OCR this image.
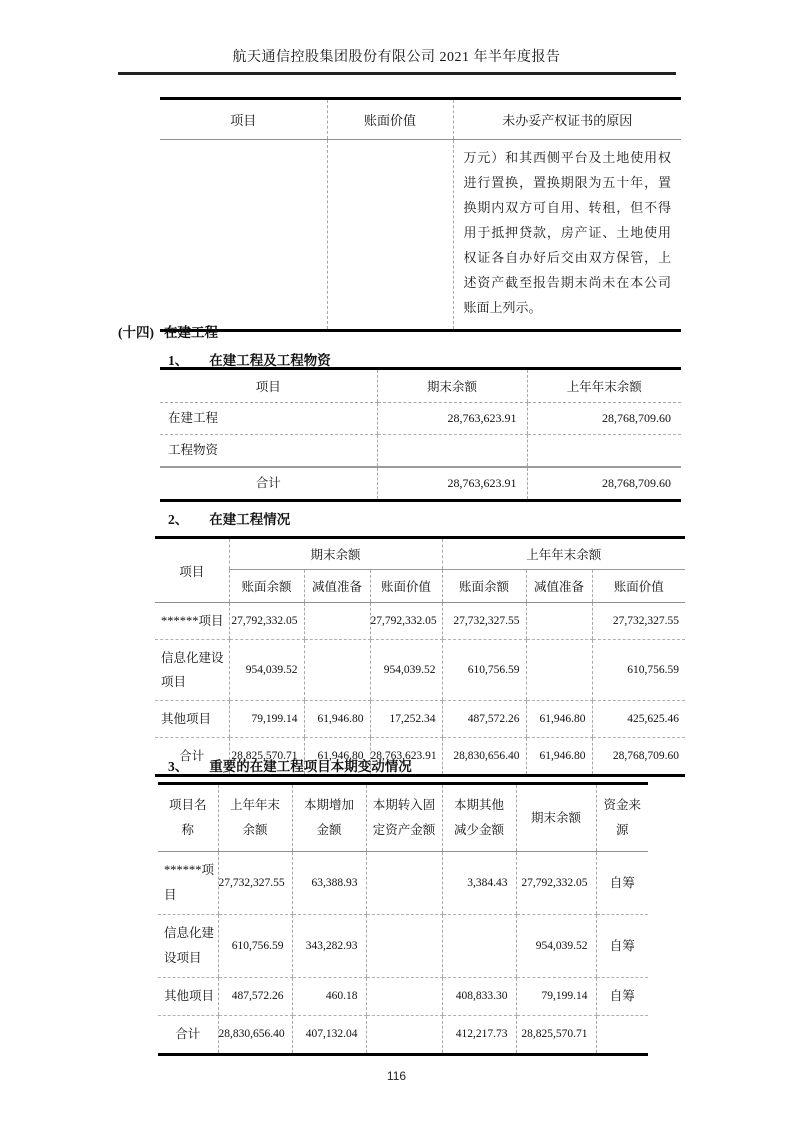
航天通信控股集团股份有限公司 2021 年半年度报告
项目	账面价值	未办妥产权证书的原因
		万元）和其西侧平台及土地使用权进行置换，置换期限为五十年，置换期内双方可自用、转租，但不得用于抵押贷款，房产证、土地使用权证各自办好后交由双方保管，上述资产截至报告期末尚未在本公司账面上列示。
(十四) 在建工程
1、 在建工程及工程物资
项目	期末余额	上年年末余额
在建工程	28,763,623.91	28,768,709.60
工程物资		
合计	28,763,623.91	28,768,709.60
2、 在建工程情况
项目	期末余额			上年年末余额		
	账面余额	减值准备	账面价值	账面余额	减值准备	账面价值
******项目	27,792,332.05		27,792,332.05	27,732,327.55		27,732,327.55
信息化建设项目	954,039.52		954,039.52	610,756.59		610,756.59
其他项目	79,199.14	61,946.80	17,252.34	487,572.26	61,946.80	425,625.46
合计	28,825,570.71	61,946.80	28,763,623.91	28,830,656.40	61,946.80	28,768,709.60
3、 重要的在建工程项目本期变动情况
项目名称	上年年末余额	本期增加金额	本期转入固定资产金额	本期其他减少金额	期末余额	资金来源
******项目	27,732,327.55	63,388.93		3,384.43	27,792,332.05	自筹
信息化建设项目	610,756.59	343,282.93			954,039.52	自筹
其他项目	487,572.26	460.18		408,833.30	79,199.14	自筹
合计	28,830,656.40	407,132.04		412,217.73	28,825,570.71	
116
